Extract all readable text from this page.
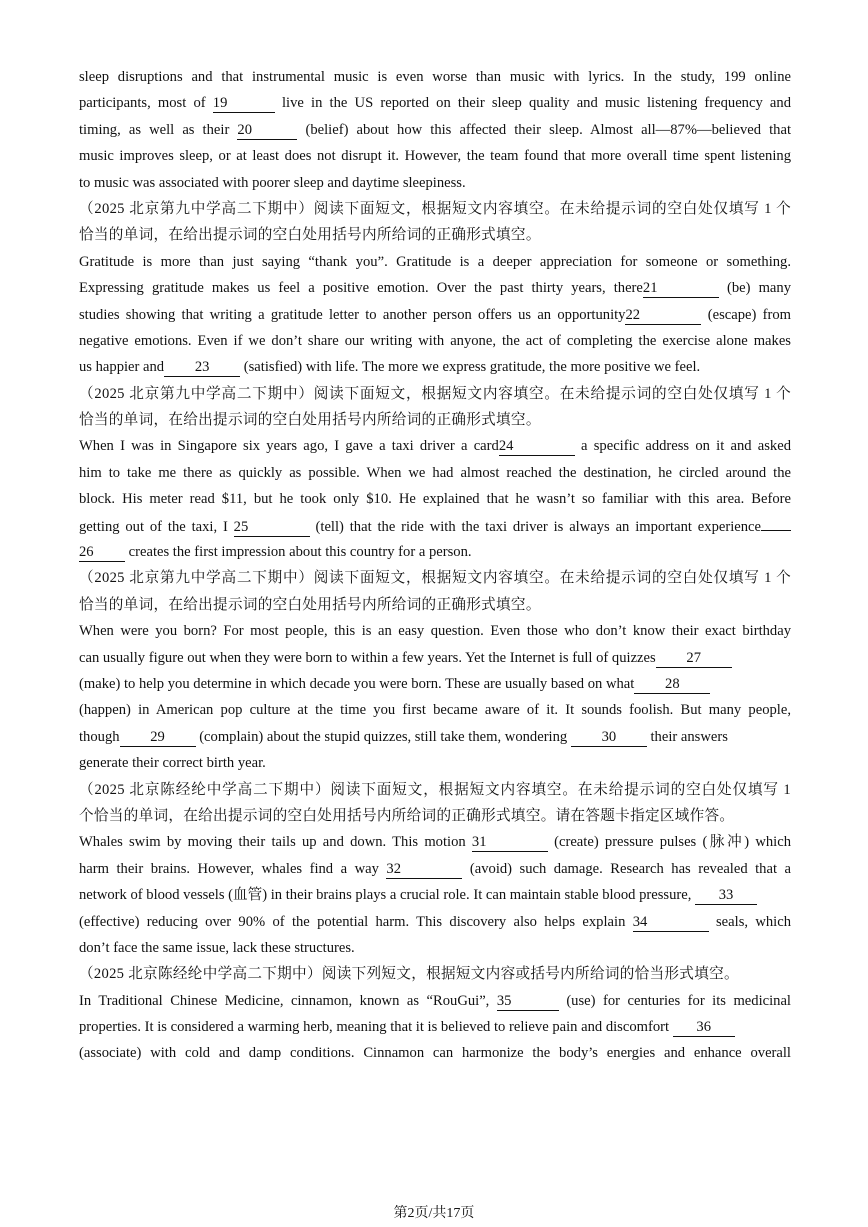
sleep disruptions and that instrumental music is even worse than music with lyrics. In the study, 199 online
participants, most of 19	live in the US reported on their sleep quality and music listening frequency and
timing, as well as their 20	(belief) about how this affected their sleep. Almost all—87%—believed that
music improves sleep, or at least does not disrupt it. However, the team found that more overall time spent listening
to music was associated with poorer sleep and daytime sleepiness.
（2025 北京第九中学高二下期中）阅读下面短文，根据短文内容填空。在未给提示词的空白处仅填写 1 个
恰当的单词，在给出提示词的空白处用括号内所给词的正确形式填空。
Gratitude is more than just saying “thank you”. Gratitude is a deeper appreciation for someone or something.
Expressing gratitude makes us feel a positive emotion. Over the past thirty years, there21	(be) many
studies showing that writing a gratitude letter to another person offers us an opportunity22	(escape) from
negative emotions. Even if we don’t share our writing with anyone, the act of completing the exercise alone makes
us happier and 23 (satisfied) with life. The more we express gratitude, the more positive we feel.
（2025 北京第九中学高二下期中）阅读下面短文，根据短文内容填空。在未给提示词的空白处仅填写 1 个
恰当的单词，在给出提示词的空白处用括号内所给词的正确形式填空。
When I was in Singapore six years ago, I gave a taxi driver a card24	a specific address on it and asked
him to take me there as quickly as possible. When we had almost reached the destination, he circled around the
block. His meter read $11, but he took only $10. He explained that he wasn’t so familiar with this area. Before
getting out of the taxi, I 25	(tell) that the ride with the taxi driver is always an important experience
26 creates the first impression about this country for a person.
（2025 北京第九中学高二下期中）阅读下面短文，根据短文内容填空。在未给提示词的空白处仅填写 1 个
恰当的单词，在给出提示词的空白处用括号内所给词的正确形式填空。
When were you born? For most people, this is an easy question. Even those who don’t know their exact birthday
can usually figure out when they were born to within a few years. Yet the Internet is full of quizzes 27
(make) to help you determine in which decade you were born. These are usually based on what 28
(happen) in American pop culture at the time you first became aware of it. It sounds foolish. But many people,
though 29 (complain) about the stupid quizzes, still take them, wondering 30 their answers
generate their correct birth year.
（2025 北京陈经纶中学高二下期中）阅读下面短文，根据短文内容填空。在未给提示词的空白处仅填写 1
个恰当的单词，在给出提示词的空白处用括号内所给词的正确形式填空。请在答题卡指定区域作答。
Whales swim by moving their tails up and down. This motion 31	(create) pressure pulses (脉冲) which
harm their brains. However, whales find a way 32	(avoid) such damage. Research has revealed that a
network of blood vessels (血管) in their brains plays a crucial role. It can maintain stable blood pressure, 33
(effective) reducing over 90% of the potential harm. This discovery also helps explain 34	seals, which
don’t face the same issue, lack these structures.
（2025 北京陈经纶中学高二下期中）阅读下列短文，根据短文内容或括号内所给词的恰当形式填空。
In Traditional Chinese Medicine, cinnamon, known as “RouGui”, 35	(use) for centuries for its medicinal
properties. It is considered a warming herb, meaning that it is believed to relieve pain and discomfort 36
(associate) with cold and damp conditions. Cinnamon can harmonize the body’s energies and enhance overall
第2页/共17页
